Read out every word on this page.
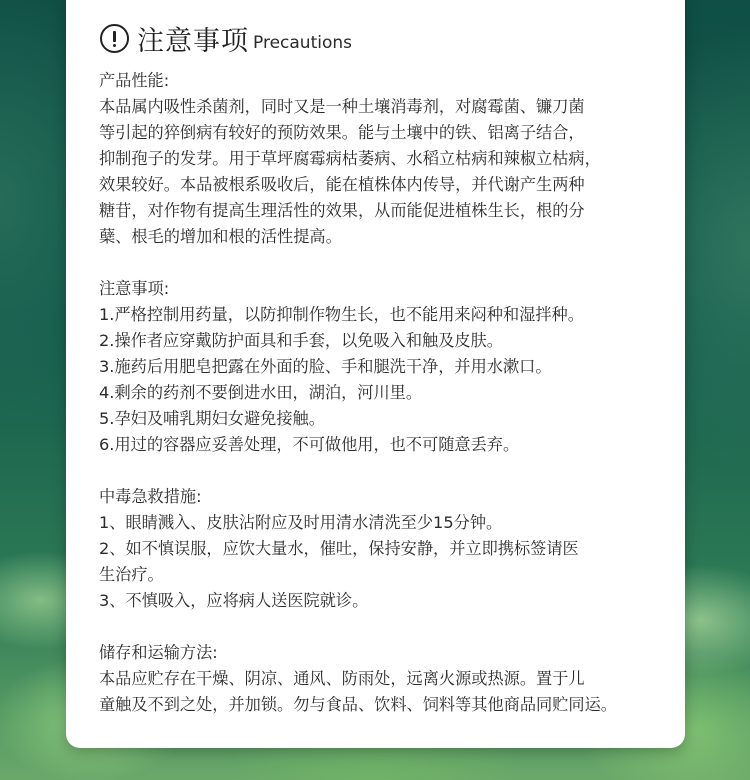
注意事项 Precautions
产品性能:
本品属内吸性杀菌剂，同时又是一种土壤消毒剂，对腐霉菌、镰刀菌
等引起的猝倒病有较好的预防效果。能与土壤中的铁、铝离子结合，
抑制孢子的发芽。用于草坪腐霉病枯萎病、水稻立枯病和辣椒立枯病，
效果较好。本品被根系吸收后，能在植株体内传导，并代谢产生两种
糖苷，对作物有提高生理活性的效果，从而能促进植株生长，根的分
蘖、根毛的增加和根的活性提高。
注意事项:
1.严格控制用药量，以防抑制作物生长，也不能用来闷种和湿拌种。
2.操作者应穿戴防护面具和手套，以免吸入和触及皮肤。
3.施药后用肥皂把露在外面的脸、手和腿洗干净，并用水漱口。
4.剩余的药剂不要倒进水田，湖泊，河川里。
5.孕妇及哺乳期妇女避免接触。
6.用过的容器应妥善处理，不可做他用，也不可随意丢弃。
中毒急救措施:
1、眼睛溅入、皮肤沾附应及时用清水清洗至少15分钟。
2、如不慎误服，应饮大量水，催吐，保持安静，并立即携标签请医
生治疗。
3、不慎吸入，应将病人送医院就诊。
储存和运输方法:
本品应贮存在干燥、阴凉、通风、防雨处，远离火源或热源。置于儿
童触及不到之处，并加锁。勿与食品、饮料、饲料等其他商品同贮同运。
